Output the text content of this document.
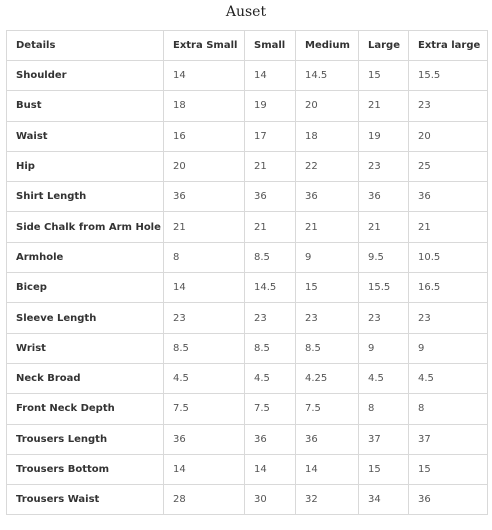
Auset
Details	Extra Small	Small	Medium	Large	Extra large
Shoulder	14	14	14.5	15	15.5
Bust	18	19	20	21	23
Waist	16	17	18	19	20
Hip	20	21	22	23	25
Shirt Length	36	36	36	36	36
Side Chalk from Arm Hole	21	21	21	21	21
Armhole	8	8.5	9	9.5	10.5
Bicep	14	14.5	15	15.5	16.5
Sleeve Length	23	23	23	23	23
Wrist	8.5	8.5	8.5	9	9
Neck Broad	4.5	4.5	4.25	4.5	4.5
Front Neck Depth	7.5	7.5	7.5	8	8
Trousers Length	36	36	36	37	37
Trousers Bottom	14	14	14	15	15
Trousers Waist	28	30	32	34	36
